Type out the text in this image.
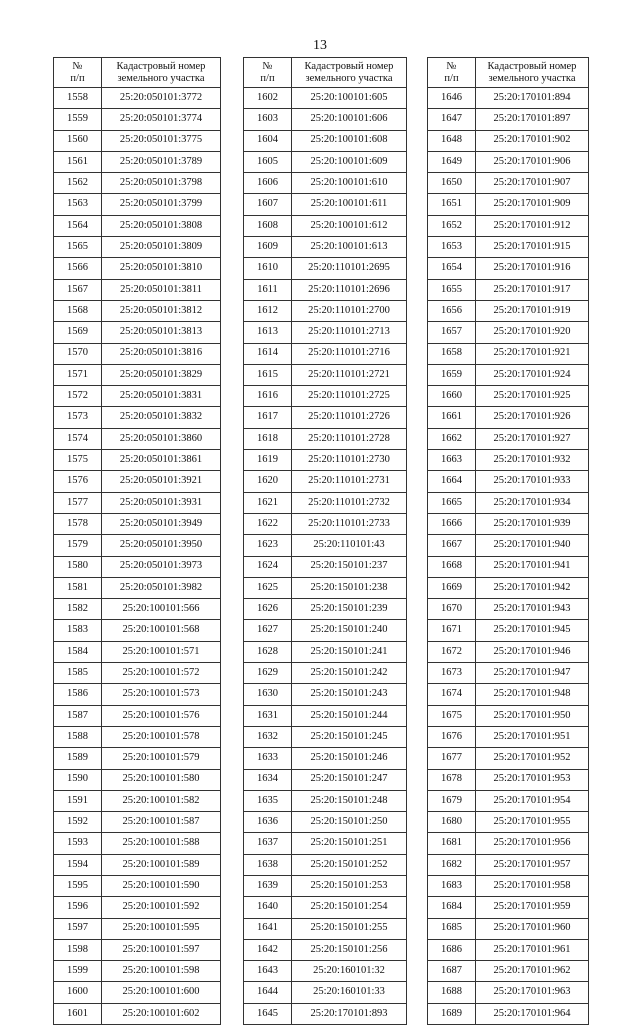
13
№
п/п	Кадастровый номер
земельного участка
1558	25:20:050101:3772
1559	25:20:050101:3774
1560	25:20:050101:3775
1561	25:20:050101:3789
1562	25:20:050101:3798
1563	25:20:050101:3799
1564	25:20:050101:3808
1565	25:20:050101:3809
1566	25:20:050101:3810
1567	25:20:050101:3811
1568	25:20:050101:3812
1569	25:20:050101:3813
1570	25:20:050101:3816
1571	25:20:050101:3829
1572	25:20:050101:3831
1573	25:20:050101:3832
1574	25:20:050101:3860
1575	25:20:050101:3861
1576	25:20:050101:3921
1577	25:20:050101:3931
1578	25:20:050101:3949
1579	25:20:050101:3950
1580	25:20:050101:3973
1581	25:20:050101:3982
1582	25:20:100101:566
1583	25:20:100101:568
1584	25:20:100101:571
1585	25:20:100101:572
1586	25:20:100101:573
1587	25:20:100101:576
1588	25:20:100101:578
1589	25:20:100101:579
1590	25:20:100101:580
1591	25:20:100101:582
1592	25:20:100101:587
1593	25:20:100101:588
1594	25:20:100101:589
1595	25:20:100101:590
1596	25:20:100101:592
1597	25:20:100101:595
1598	25:20:100101:597
1599	25:20:100101:598
1600	25:20:100101:600
1601	25:20:100101:602
№
п/п	Кадастровый номер
земельного участка
1602	25:20:100101:605
1603	25:20:100101:606
1604	25:20:100101:608
1605	25:20:100101:609
1606	25:20:100101:610
1607	25:20:100101:611
1608	25:20:100101:612
1609	25:20:100101:613
1610	25:20:110101:2695
1611	25:20:110101:2696
1612	25:20:110101:2700
1613	25:20:110101:2713
1614	25:20:110101:2716
1615	25:20:110101:2721
1616	25:20:110101:2725
1617	25:20:110101:2726
1618	25:20:110101:2728
1619	25:20:110101:2730
1620	25:20:110101:2731
1621	25:20:110101:2732
1622	25:20:110101:2733
1623	25:20:110101:43
1624	25:20:150101:237
1625	25:20:150101:238
1626	25:20:150101:239
1627	25:20:150101:240
1628	25:20:150101:241
1629	25:20:150101:242
1630	25:20:150101:243
1631	25:20:150101:244
1632	25:20:150101:245
1633	25:20:150101:246
1634	25:20:150101:247
1635	25:20:150101:248
1636	25:20:150101:250
1637	25:20:150101:251
1638	25:20:150101:252
1639	25:20:150101:253
1640	25:20:150101:254
1641	25:20:150101:255
1642	25:20:150101:256
1643	25:20:160101:32
1644	25:20:160101:33
1645	25:20:170101:893
№
п/п	Кадастровый номер
земельного участка
1646	25:20:170101:894
1647	25:20:170101:897
1648	25:20:170101:902
1649	25:20:170101:906
1650	25:20:170101:907
1651	25:20:170101:909
1652	25:20:170101:912
1653	25:20:170101:915
1654	25:20:170101:916
1655	25:20:170101:917
1656	25:20:170101:919
1657	25:20:170101:920
1658	25:20:170101:921
1659	25:20:170101:924
1660	25:20:170101:925
1661	25:20:170101:926
1662	25:20:170101:927
1663	25:20:170101:932
1664	25:20:170101:933
1665	25:20:170101:934
1666	25:20:170101:939
1667	25:20:170101:940
1668	25:20:170101:941
1669	25:20:170101:942
1670	25:20:170101:943
1671	25:20:170101:945
1672	25:20:170101:946
1673	25:20:170101:947
1674	25:20:170101:948
1675	25:20:170101:950
1676	25:20:170101:951
1677	25:20:170101:952
1678	25:20:170101:953
1679	25:20:170101:954
1680	25:20:170101:955
1681	25:20:170101:956
1682	25:20:170101:957
1683	25:20:170101:958
1684	25:20:170101:959
1685	25:20:170101:960
1686	25:20:170101:961
1687	25:20:170101:962
1688	25:20:170101:963
1689	25:20:170101:964
